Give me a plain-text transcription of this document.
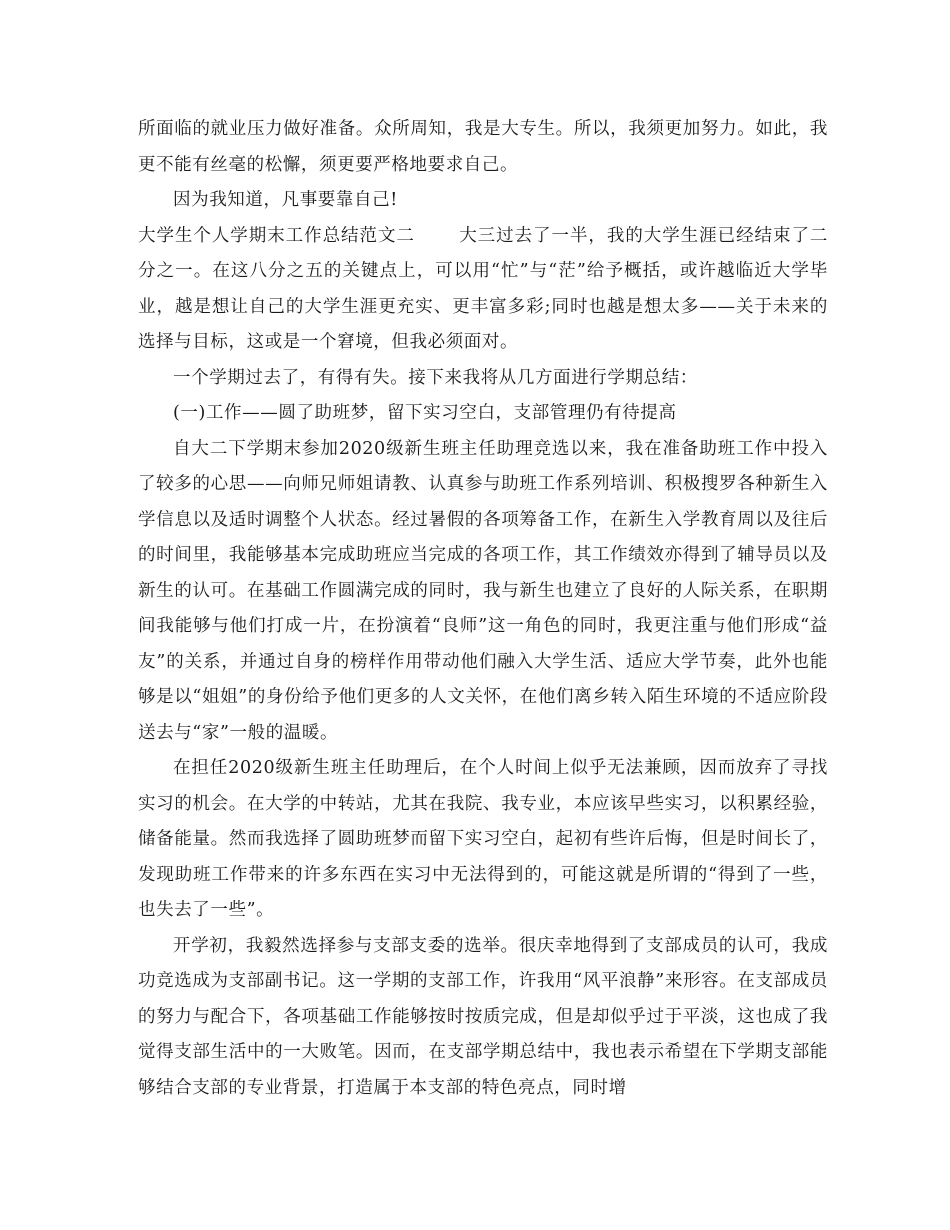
所面临的就业压力做好准备。众所周知，我是大专生。所以，我须更加努力。如此，我更不能有丝毫的松懈，须更要严格地要求自己。

因为我知道，凡事要靠自己!

大学生个人学期末工作总结范文二	大三过去了一半，我的大学生涯已经结束了二分之一。在这八分之五的关键点上，可以用“忙”与“茫”给予概括，或许越临近大学毕业，越是想让自己的大学生涯更充实、更丰富多彩;同时也越是想太多——关于未来的选择与目标，这或是一个窘境，但我必须面对。

一个学期过去了，有得有失。接下来我将从几方面进行学期总结：

(一)工作——圆了助班梦，留下实习空白，支部管理仍有待提高

自大二下学期末参加2020级新生班主任助理竞选以来，我在准备助班工作中投入了较多的心思——向师兄师姐请教、认真参与助班工作系列培训、积极搜罗各种新生入学信息以及适时调整个人状态。经过暑假的各项筹备工作，在新生入学教育周以及往后的时间里，我能够基本完成助班应当完成的各项工作，其工作绩效亦得到了辅导员以及新生的认可。在基础工作圆满完成的同时，我与新生也建立了良好的人际关系，在职期间我能够与他们打成一片，在扮演着“良师”这一角色的同时，我更注重与他们形成“益友”的关系，并通过自身的榜样作用带动他们融入大学生活、适应大学节奏，此外也能够是以“姐姐”的身份给予他们更多的人文关怀，在他们离乡转入陌生环境的不适应阶段送去与“家”一般的温暖。

在担任2020级新生班主任助理后，在个人时间上似乎无法兼顾，因而放弃了寻找实习的机会。在大学的中转站，尤其在我院、我专业，本应该早些实习，以积累经验，储备能量。然而我选择了圆助班梦而留下实习空白，起初有些许后悔，但是时间长了，发现助班工作带来的许多东西在实习中无法得到的，可能这就是所谓的“得到了一些，也失去了一些”。

开学初，我毅然选择参与支部支委的选举。很庆幸地得到了支部成员的认可，我成功竞选成为支部副书记。这一学期的支部工作，许我用“风平浪静”来形容。在支部成员的努力与配合下，各项基础工作能够按时按质完成，但是却似乎过于平淡，这也成了我觉得支部生活中的一大败笔。因而，在支部学期总结中，我也表示希望在下学期支部能够结合支部的专业背景，打造属于本支部的特色亮点，同时增
